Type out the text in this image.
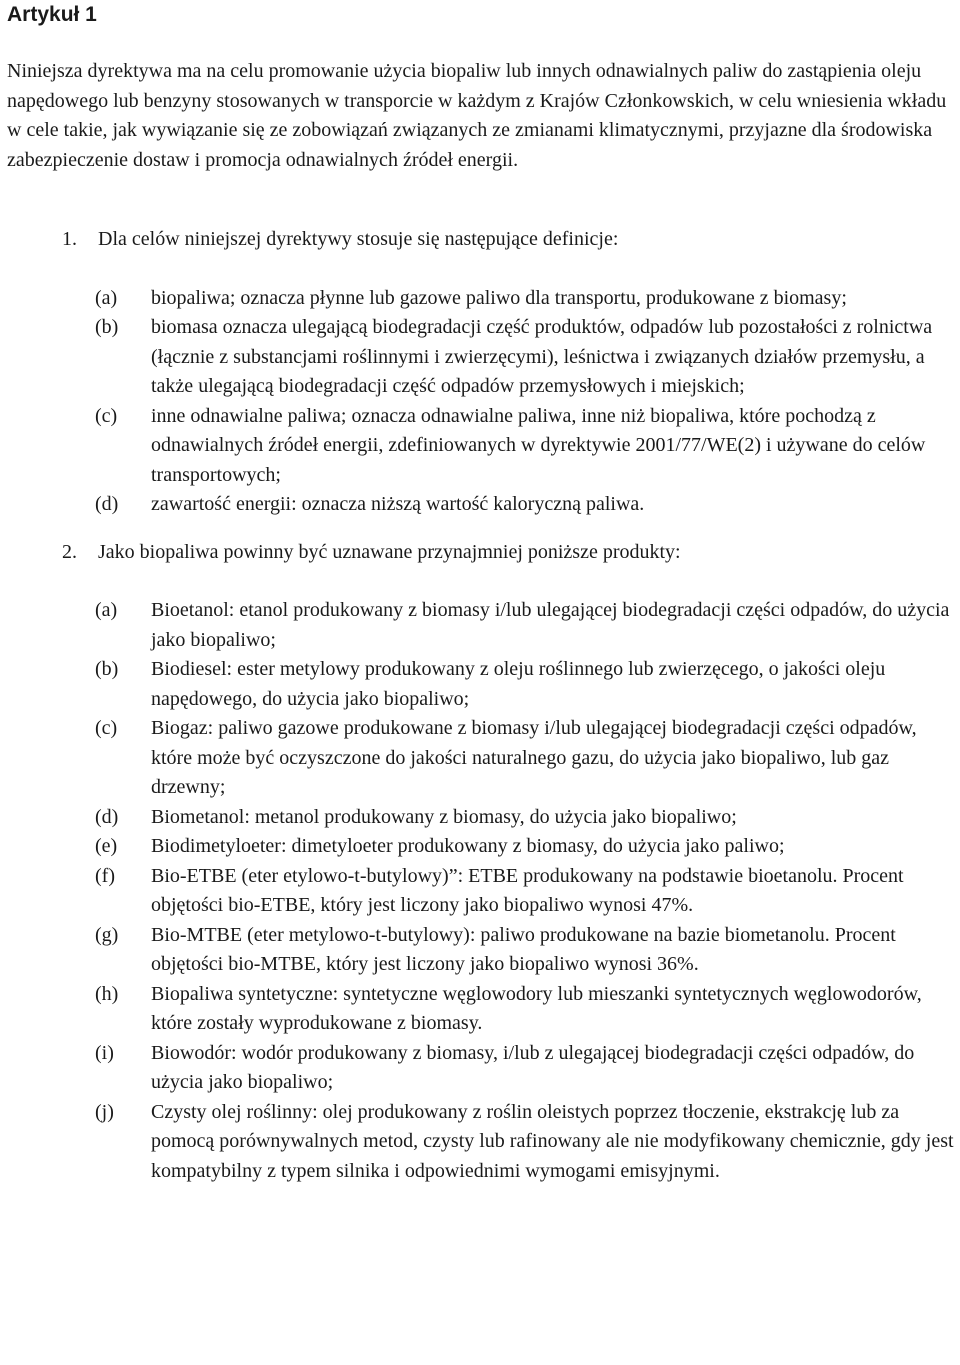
Artykuł 1

Niniejsza dyrektywa ma na celu promowanie użycia biopaliw lub innych odnawialnych paliw do zastąpienia oleju napędowego lub benzyny stosowanych w transporcie w każdym z Krajów Członkowskich, w celu wniesienia wkładu w cele takie, jak wywiązanie się ze zobowiązań związanych ze zmianami klimatycznymi, przyjazne dla środowiska zabezpieczenie dostaw i promocja odnawialnych źródeł energii.

1. Dla celów niniejszej dyrektywy stosuje się następujące definicje:
(a) biopaliwa; oznacza płynne lub gazowe paliwo dla transportu, produkowane z biomasy;
(b) biomasa oznacza ulegającą biodegradacji część produktów, odpadów lub pozostałości z rolnictwa (łącznie z substancjami roślinnymi i zwierzęcymi), leśnictwa i związanych działów przemysłu, a także ulegającą biodegradacji część odpadów przemysłowych i miejskich;
(c) inne odnawialne paliwa; oznacza odnawialne paliwa, inne niż biopaliwa, które pochodzą z odnawialnych źródeł energii, zdefiniowanych w dyrektywie 2001/77/WE(2) i używane do celów transportowych;
(d) zawartość energii: oznacza niższą wartość kaloryczną paliwa.
2. Jako biopaliwa powinny być uznawane przynajmniej poniższe produkty:
(a) Bioetanol: etanol produkowany z biomasy i/lub ulegającej biodegradacji części odpadów, do użycia jako biopaliwo;
(b) Biodiesel: ester metylowy produkowany z oleju roślinnego lub zwierzęcego, o jakości oleju napędowego, do użycia jako biopaliwo;
(c) Biogaz: paliwo gazowe produkowane z biomasy i/lub ulegającej biodegradacji części odpadów, które może być oczyszczone do jakości naturalnego gazu, do użycia jako biopaliwo, lub gaz drzewny;
(d) Biometanol: metanol produkowany z biomasy, do użycia jako biopaliwo;
(e) Biodimetyloeter: dimetyloeter produkowany z biomasy, do użycia jako paliwo;
(f) Bio-ETBE (eter etylowo-t-butylowy)”: ETBE produkowany na podstawie bioetanolu. Procent objętości bio-ETBE, który jest liczony jako biopaliwo wynosi 47%.
(g) Bio-MTBE (eter metylowo-t-butylowy): paliwo produkowane na bazie biometanolu. Procent objętości bio-MTBE, który jest liczony jako biopaliwo wynosi 36%.
(h) Biopaliwa syntetyczne: syntetyczne węglowodory lub mieszanki syntetycznych węglowodorów, które zostały wyprodukowane z biomasy.
(i) Biowodór: wodór produkowany z biomasy, i/lub z ulegającej biodegradacji części odpadów, do użycia jako biopaliwo;
(j) Czysty olej roślinny: olej produkowany z roślin oleistych poprzez tłoczenie, ekstrakcję lub za pomocą porównywalnych metod, czysty lub rafinowany ale nie modyfikowany chemicznie, gdy jest kompatybilny z typem silnika i odpowiednimi wymogami emisyjnymi.
